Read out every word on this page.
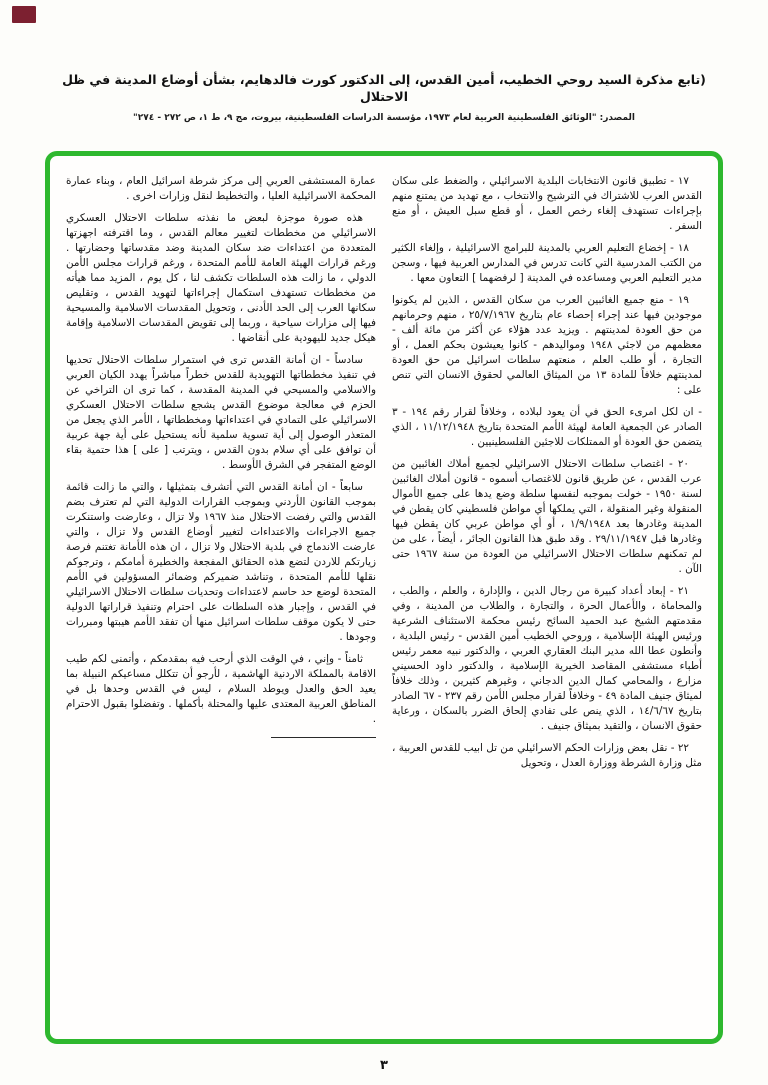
(تابع مذكرة السيد روحي الخطيب، أمين القدس، إلى الدكتور كورت فالدهايم، بشأن أوضاع المدينة في ظل الاحتلال
المصدر: "الوثائق الفلسطينية العربية لعام ١٩٧٣، مؤسسة الدراسات الفلسطينية، بيروت، مج ٩، ط ١، ص ٢٧٢ - ٢٧٤"

١٧ - تطبيق قانون الانتخابات البلدية الاسرائيلي ، والضغط على سكان القدس العرب للاشتراك في الترشيح والانتخاب ، مع تهديد من يمتنع منهم بإجراءات تستهدف إلغاء رخص العمل ، أو قطع سبل العيش ، أو منع السفر .

١٨ - إخضاع التعليم العربي بالمدينة للبرامج الاسرائيلية ، وإلغاء الكثير من الكتب المدرسية التي كانت تدرس في المدارس العربية فيها ، وسجن مدير التعليم العربي ومساعده في المدينة [ لرفضهما ] التعاون معها .

١٩ - منع جميع الغائبين العرب من سكان القدس ، الذين لم يكونوا موجودين فيها عند إجراء إحصاء عام بتاريخ ٢٥/٧/١٩٦٧ ، منهم وحرمانهم من حق العودة لمدينتهم . ويزيد عدد هؤلاء عن أكثر من مائة ألف - معظمهم من لاجئي ١٩٤٨ ومواليدهم - كانوا يعيشون بحكم العمل ، أو التجارة ، أو طلب العلم ، منعتهم سلطات اسرائيل من حق العودة لمدينتهم خلافاً للمادة ١٣ من الميثاق العالمي لحقوق الانسان التي تنص على :

- ان لكل امرىء الحق في أن يعود لبلاده ، وخلافاً لقرار رقم ١٩٤ - ٣ الصادر عن الجمعية العامة لهيئة الأمم المتحدة بتاريخ ١١/١٢/١٩٤٨ ، الذي يتضمن حق العودة أو الممتلكات للاجئين الفلسطينيين .

٢٠ - اغتصاب سلطات الاحتلال الاسرائيلي لجميع أملاك الغائبين من عرب القدس ، عن طريق قانون للاغتصاب أسموه - قانون أملاك الغائبين لسنة ١٩٥٠ - خولت بموجبه لنفسها سلطة وضع يدها على جميع الأموال المنقولة وغير المنقولة ، التي يملكها أي مواطن فلسطيني كان يقطن في المدينة وغادرها بعد ١/٩/١٩٤٨ ، أو أي مواطن عربي كان يقطن فيها وغادرها قبل ٢٩/١١/١٩٤٧ . وقد طبق هذا القانون الجائر ، أيضاً ، على من لم تمكنهم سلطات الاحتلال الاسرائيلي من العودة من سنة ١٩٦٧ حتى الآن .

٢١ - إبعاد أعداد كبيرة من رجال الدين ، والإدارة ، والعلم ، والطب ، والمحاماة ، والأعمال الحرة ، والتجارة ، والطلاب من المدينة ، وفي مقدمتهم الشيخ عبد الحميد السائح رئيس محكمة الاستئناف الشرعية ورئيس الهيئة الإسلامية ، وروحي الخطيب أمين القدس - رئيس البلدية ، وأنطون عطا الله مدير البنك العقاري العربي ، والدكتور نبيه معمر رئيس أطباء مستشفى المقاصد الخيرية الإسلامية ، والدكتور داود الحسيني مزارع ، والمحامي كمال الدين الدجاني ، وغيرهم كثيرين ، وذلك خلافاً لميثاق جنيف المادة ٤٩ - وخلافاً لقرار مجلس الأمن رقم ٢٣٧ - ٦٧ الصادر بتاريخ ١٤/٦/٦٧ ، الذي ينص على تفادي إلحاق الضرر بالسكان ، ورعاية حقوق الانسان ، والتقيد بميثاق جنيف .

٢٢ - نقل بعض وزارات الحكم الاسرائيلي من تل ابيب للقدس العربية ، مثل وزارة الشرطة ووزارة العدل ، وتحويل

عمارة المستشفى العربي إلى مركز شرطة اسرائيل العام ، وبناء عمارة المحكمة الاسرائيلية العليا ، والتخطيط لنقل وزارات اخرى .

هذه صورة موجزة لبعض ما نفذته سلطات الاحتلال العسكري الاسرائيلي من مخططات لتغيير معالم القدس ، وما اقترفته اجهزتها المتعددة من اعتداءات ضد سكان المدينة وضد مقدساتها وحضارتها . ورغم قرارات الهيئة العامة للأمم المتحدة ، ورغم قرارات مجلس الأمن الدولي ، ما زالت هذه السلطات تكشف لنا ، كل يوم ، المزيد مما هيأته من مخططات تستهدف استكمال إجراءاتها لتهويد القدس ، وتقليص سكانها العرب إلى الحد الأدنى ، وتحويل المقدسات الاسلامية والمسيحية فيها إلى مزارات سياحية ، وربما إلى تقويض المقدسات الاسلامية وإقامة هيكل جديد لليهودية على أنقاضها .

سادساً - ان أمانة القدس ترى في استمرار سلطات الاحتلال تحديها في تنفيذ مخططاتها التهويدية للقدس خطراً مباشراً يهدد الكيان العربي والاسلامي والمسيحي في المدينة المقدسة ، كما ترى ان التراخي عن الحزم في معالجة موضوع القدس يشجع سلطات الاحتلال العسكري الاسرائيلي على التمادي في اعتداءاتها ومخططاتها ، الأمر الذي يجعل من المتعذر الوصول إلى أية تسوية سلمية لأنه يستحيل على أية جهة عربية أن توافق على أي سلام بدون القدس ، ويترتب [ على ] هذا حتمية بقاء الوضع المتفجر في الشرق الأوسط .

سابعاً - ان أمانة القدس التي أتشرف بتمثيلها ، والتي ما زالت قائمة بموجب القانون الأردني وبموجب القرارات الدولية التي لم تعترف بضم القدس والتي رفضت الاحتلال منذ ١٩٦٧ ولا تزال ، وعارضت واستنكرت جميع الاجراءات والاعتداءات لتغيير أوضاع القدس ولا تزال ، والتي عارضت الاندماج في بلدية الاحتلال ولا تزال ، ان هذه الأمانة تغتنم فرصة زيارتكم للاردن لتضع هذه الحقائق المفجعة والخطيرة أمامكم ، وترجوكم نقلها للأمم المتحدة ، وتناشد ضميركم وضمائر المسؤولين في الأمم المتحدة لوضع حد حاسم لاعتداءات وتحديات سلطات الاحتلال الاسرائيلي في القدس ، وإجبار هذه السلطات على احترام وتنفيذ قراراتها الدولية حتى لا يكون موقف سلطات اسرائيل منها أن تفقد الأمم هيبتها ومبررات وجودها .

ثامناً - وإني ، في الوقت الذي أرحب فيه بمقدمكم ، وأتمنى لكم طيب الاقامة بالمملكة الاردنية الهاشمية ، لأرجو أن تتكلل مساعيكم النبيلة بما يعيد الحق والعدل ويوطد السلام ، ليس في القدس وحدها بل في المناطق العربية المعتدى عليها والمحتلة بأكملها . وتفضلوا بقبول الاحترام .

٣
